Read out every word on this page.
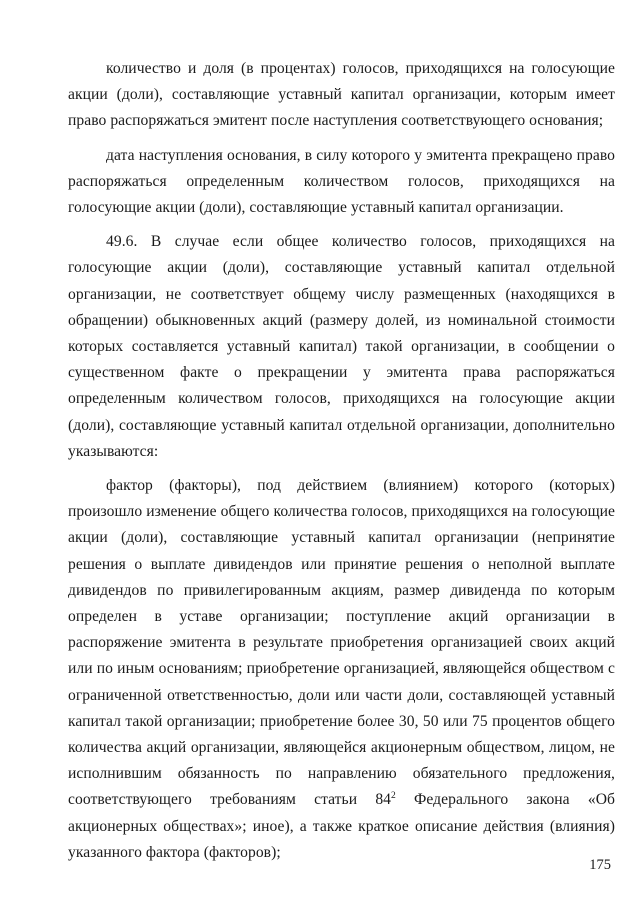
количество и доля (в процентах) голосов, приходящихся на голосующие акции (доли), составляющие уставный капитал организации, которым имеет право распоряжаться эмитент после наступления соответствующего основания;

дата наступления основания, в силу которого у эмитента прекращено право распоряжаться определенным количеством голосов, приходящихся на голосующие акции (доли), составляющие уставный капитал организации.

49.6. В случае если общее количество голосов, приходящихся на голосующие акции (доли), составляющие уставный капитал отдельной организации, не соответствует общему числу размещенных (находящихся в обращении) обыкновенных акций (размеру долей, из номинальной стоимости которых составляется уставный капитал) такой организации, в сообщении о существенном факте о прекращении у эмитента права распоряжаться определенным количеством голосов, приходящихся на голосующие акции (доли), составляющие уставный капитал отдельной организации, дополнительно указываются:

фактор (факторы), под действием (влиянием) которого (которых) произошло изменение общего количества голосов, приходящихся на голосующие акции (доли), составляющие уставный капитал организации (непринятие решения о выплате дивидендов или принятие решения о неполной выплате дивидендов по привилегированным акциям, размер дивиденда по которым определен в уставе организации; поступление акций организации в распоряжение эмитента в результате приобретения организацией своих акций или по иным основаниям; приобретение организацией, являющейся обществом с ограниченной ответственностью, доли или части доли, составляющей уставный капитал такой организации; приобретение более 30, 50 или 75 процентов общего количества акций организации, являющейся акционерным обществом, лицом, не исполнившим обязанность по направлению обязательного предложения, соответствующего требованиям статьи $84^2$ Федерального закона «Об акционерных обществах»; иное), а также краткое описание действия (влияния) указанного фактора (факторов);

175
